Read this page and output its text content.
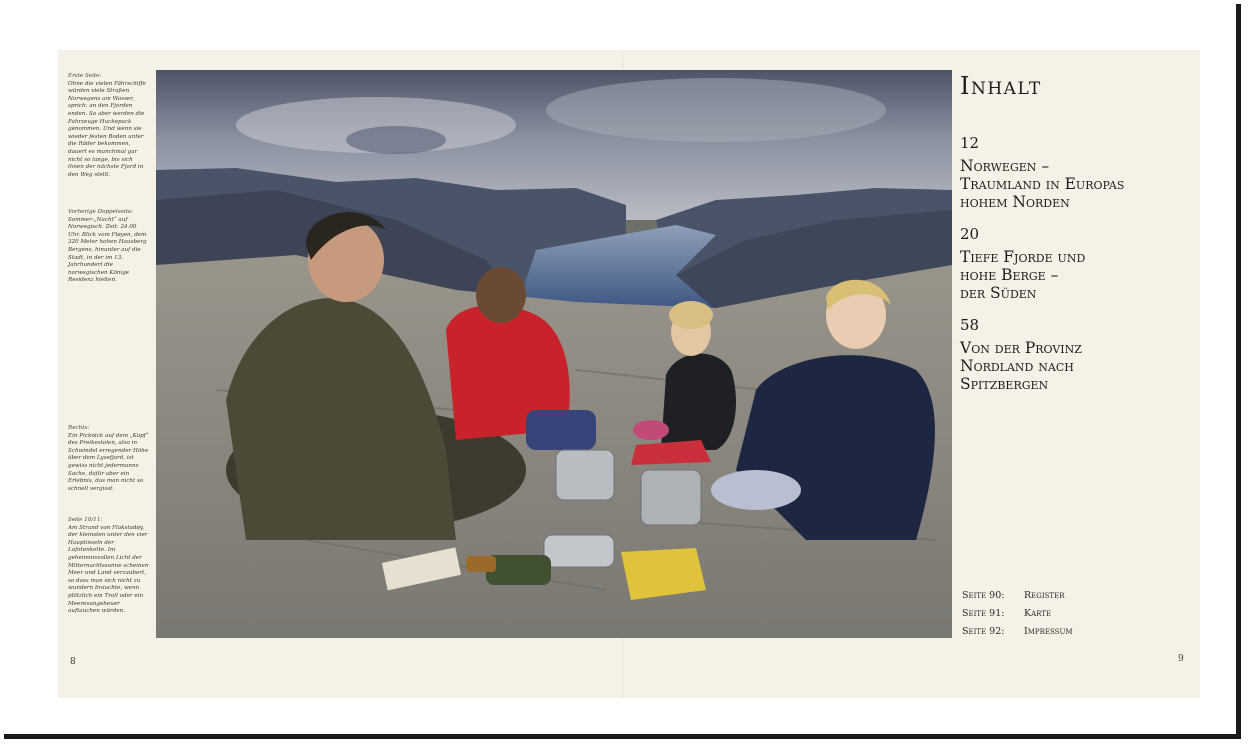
Erste Seite:

Ohne die vielen Fährschiffe würden viele Straßen Norwegens am Wasser, sprich: an den Fjorden enden. So aber werden die Fahrzeuge Huckepack genommen. Und wenn sie wieder festen Boden unter die Räder bekommen, dauert es manchmal gar nicht so lange, bis sich ihnen der nächste Fjord in den Weg stellt.

Vorherige Doppelseite:

Sommer-„Nacht“ auf Norwegisch. Zeit: 24.00 Uhr. Blick vom Fløyen, dem 320 Meter hohen Hausberg Bergens, hinunter auf die Stadt, in der im 13. Jahrhundert die norwegischen Könige Residenz hielten.

Rechts:

Ein Picknick auf dem „Kopf“ des Preikestolen, also in Schwindel erregender Höhe über dem Lysefjord, ist gewiss nicht jedermanns Sache, dafür aber ein Erlebnis, das man nicht so schnell vergisst.

Seite 10/11:

Am Strand von Flakstadøy, der kleinsten unter den vier Hauptinseln der Lofotenkette. Im geheimnisvollen Licht der Mitternachtssonne scheinen Meer und Land verzaubert, so dass man sich nicht zu wundern brauchte, wenn plötzlich ein Troll oder ein Meeresungeheuer auftauchen würden.

8
Inhalt
12
Norwegen –
Traumland in Europas
hohem Norden
20
Tiefe Fjorde und
hohe Berge –
der Süden
58
Von der Provinz
Nordland nach
Spitzbergen
Seite 90:	Register
Seite 91:	Karte
Seite 92:	Impressum
9
